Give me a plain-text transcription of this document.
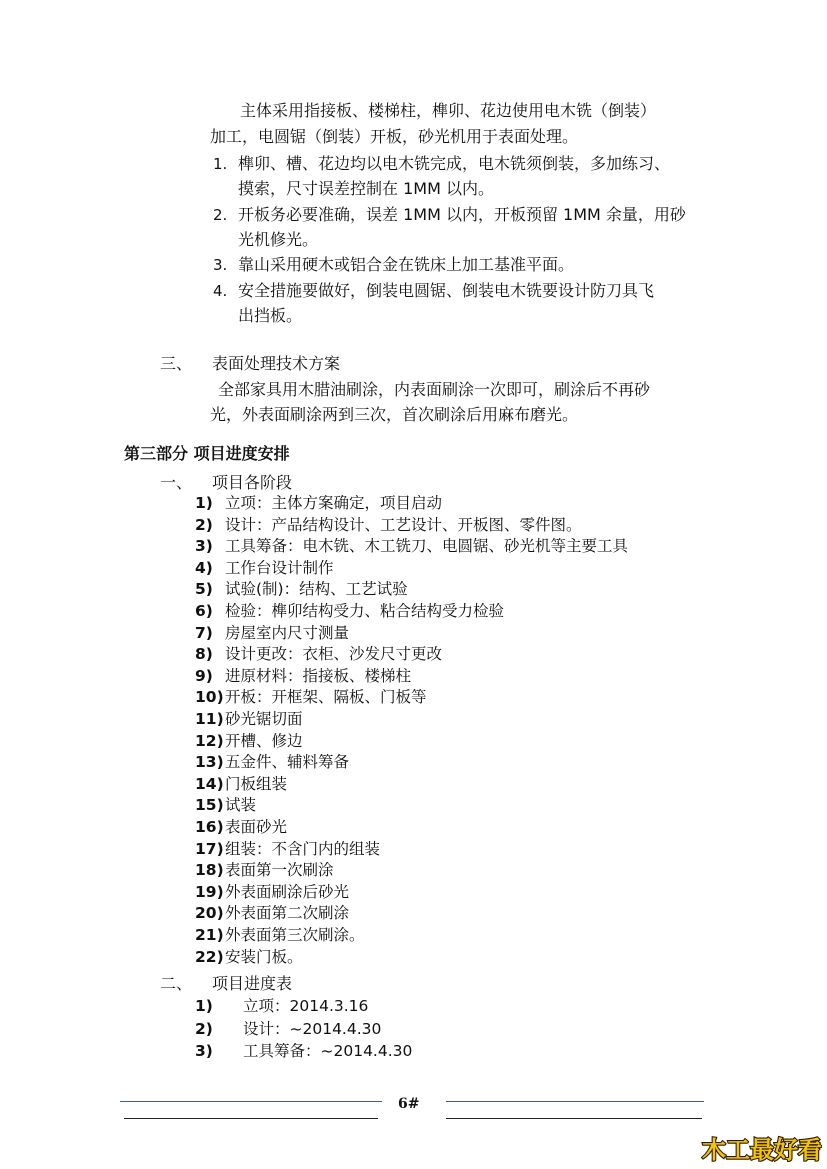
主体采用指接板、楼梯柱，榫卯、花边使用电木铣（倒装）
加工，电圆锯（倒装）开板，砂光机用于表面处理。
1. 榫卯、槽、花边均以电木铣完成，电木铣须倒装，多加练习、
摸索，尺寸误差控制在 1MM 以内。
2. 开板务必要准确，误差 1MM 以内，开板预留 1MM 余量，用砂
光机修光。
3. 靠山采用硬木或铝合金在铣床上加工基准平面。
4. 安全措施要做好，倒装电圆锯、倒装电木铣要设计防刀具飞
出挡板。
三、 表面处理技术方案
全部家具用木腊油刷涂，内表面刷涂一次即可，刷涂后不再砂
光，外表面刷涂两到三次，首次刷涂后用麻布磨光。
第三部分 项目进度安排
一、 项目各阶段
1) 立项：主体方案确定，项目启动
2) 设计：产品结构设计、工艺设计、开板图、零件图。
3) 工具筹备：电木铣、木工铣刀、电圆锯、砂光机等主要工具
4) 工作台设计制作
5) 试验(制)：结构、工艺试验
6) 检验：榫卯结构受力、粘合结构受力检验
7) 房屋室内尺寸测量
8) 设计更改：衣柜、沙发尺寸更改
9) 进原材料：指接板、楼梯柱
10)开板：开框架、隔板、门板等
11)砂光锯切面
12)开槽、修边
13)五金件、辅料筹备
14)门板组装
15)试装
16)表面砂光
17)组装：不含门内的组装
18)表面第一次刷涂
19)外表面刷涂后砂光
20)外表面第二次刷涂
21)外表面第三次刷涂。
22)安装门板。
二、 项目进度表
1) 立项：2014.3.16
2) 设计：~2014.4.30
3) 工具筹备：~2014.4.30
6#
木工最好看
